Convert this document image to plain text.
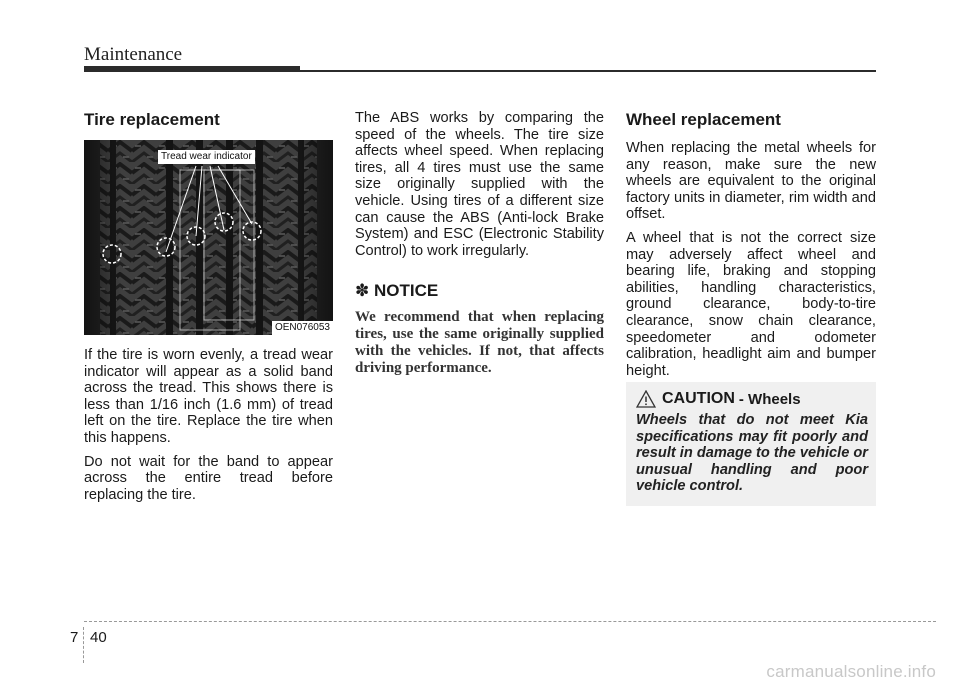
Maintenance
Tire replacement
Tread wear indicator
OEN076053

If the tire is worn evenly, a tread wear indicator will appear as a solid band across the tread. This shows there is less than 1/16 inch (1.6 mm) of tread left on the tire. Replace the tire when this happens.

Do not wait for the band to appear across the entire tread before replacing the tire.

The ABS works by comparing the speed of the wheels. The tire size affects wheel speed. When replacing tires, all 4 tires must use the same size originally supplied with the vehicle. Using tires of a different size can cause the ABS (Anti-lock Brake System) and ESC (Electronic Stability Control) to work irregularly.

✽ NOTICE

We recommend that when replacing tires, use the same originally supplied with the vehicles. If not, that affects driving performance.

Wheel replacement

When replacing the metal wheels for any reason, make sure the new wheels are equivalent to the original factory units in diameter, rim width and offset.

A wheel that is not the correct size may adversely affect wheel and bearing life, braking and stopping abilities, handling characteristics, ground clearance, body-to-tire clearance, snow chain clearance, speedometer and odometer calibration, headlight aim and bumper height.

CAUTION - Wheels

Wheels that do not meet Kia specifications may fit poorly and result in damage to the vehicle or unusual handling and poor vehicle control.

7 40
carmanualsonline.info
